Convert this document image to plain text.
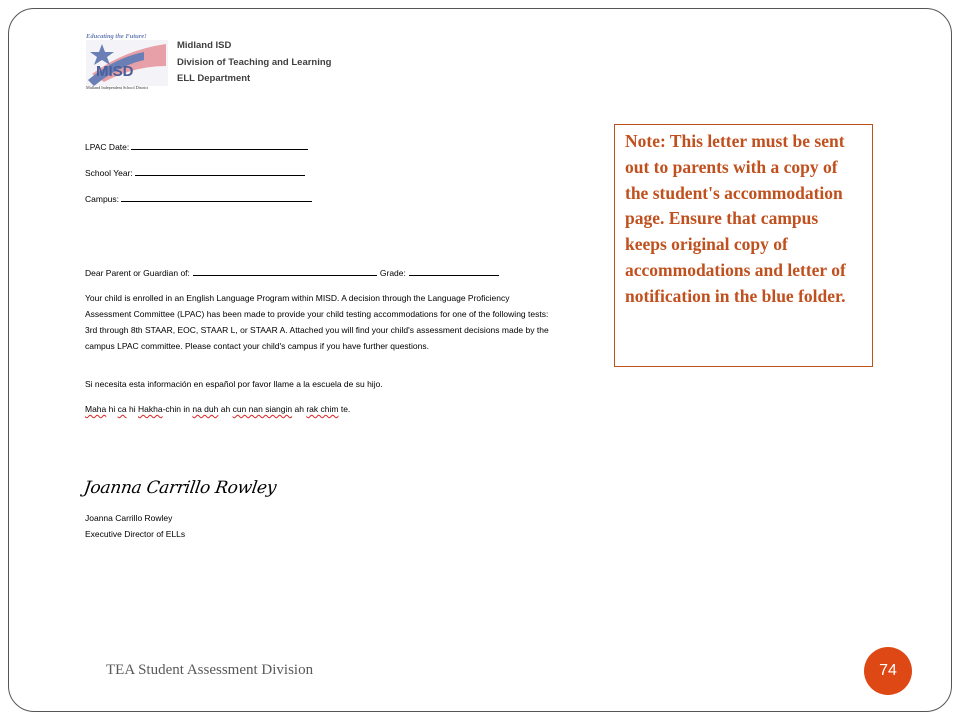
MISD
Educating the Future!
Midland Independent School District
Midland ISD
Division of Teaching and Learning
ELL Department
LPAC Date:
School Year:
Campus:
Dear Parent or Guardian of:	Grade:
Your child is enrolled in an English Language Program within MISD. A decision through the Language Proficiency Assessment Committee (LPAC) has been made to provide your child testing accommodations for one of the following tests: 3rd through 8th STAAR, EOC, STAAR L, or STAAR A. Attached you will find your child's assessment decisions made by the campus LPAC committee. Please contact your child's campus if you have further questions.
Si necesita esta información en español por favor llame a la escuela de su hijo.
Maha hi ca hi Hakha-chin in na duh ah cun nan siangin ah rak chim te.
Joanna Carrillo Rowley
Joanna Carrillo Rowley
Executive Director of ELLs
Note: This letter must be sent out to parents with a copy of the student's accommodation page. Ensure that campus keeps original copy of accommodations and letter of notification in the blue folder.
TEA Student Assessment Division	74
